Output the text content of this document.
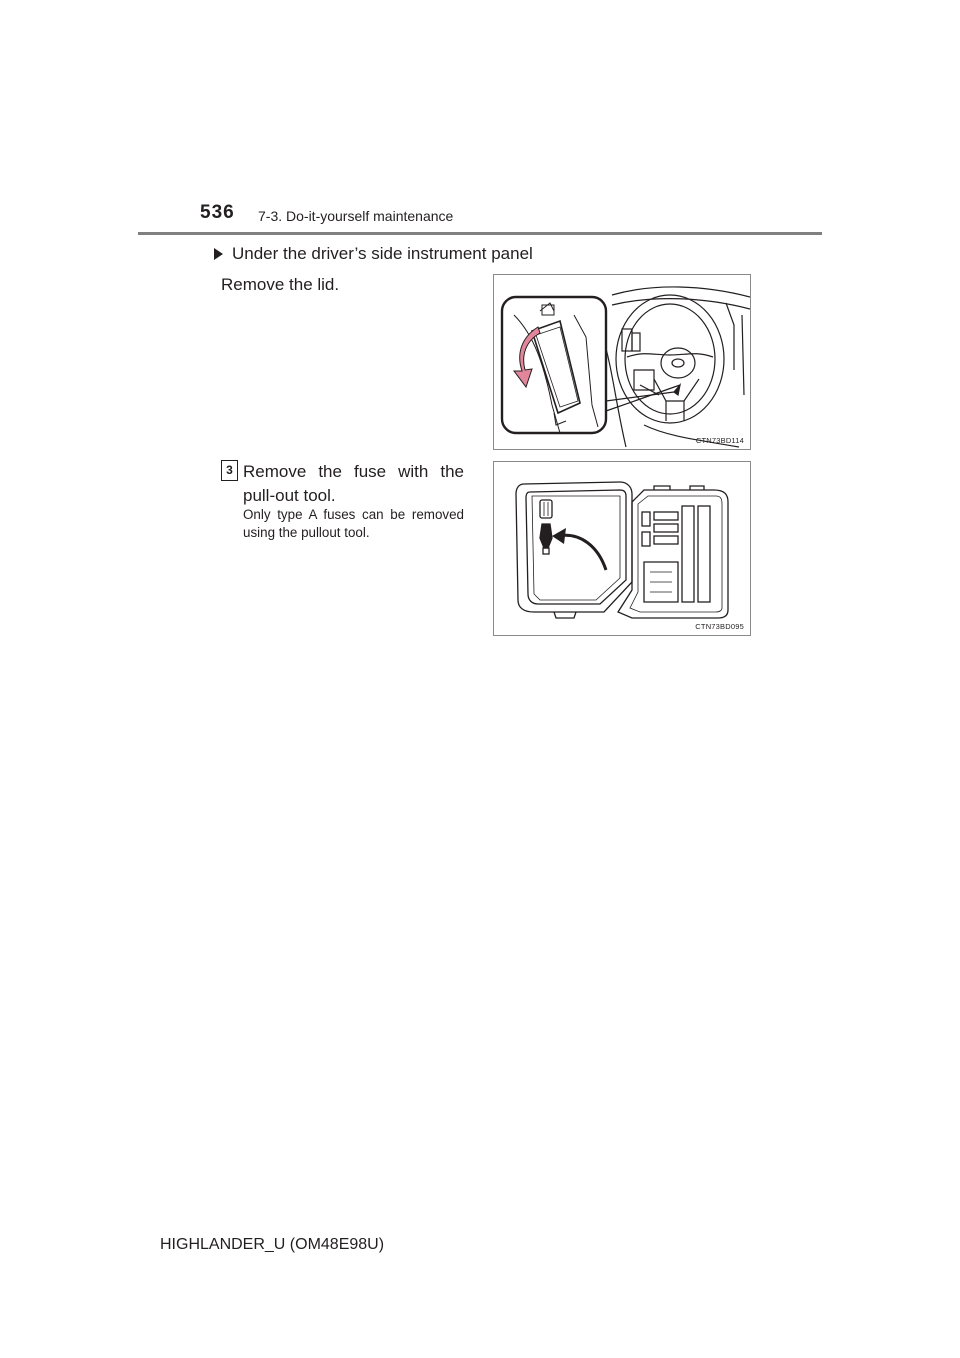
536 7-3. Do-it-yourself maintenance
Under the driver’s side instrument panel
Remove the lid.
CTN73BD114
3 Remove the fuse with the pull-out tool.
Only type A fuses can be removed using the pullout tool.
CTN73BD095
HIGHLANDER_U (OM48E98U)
